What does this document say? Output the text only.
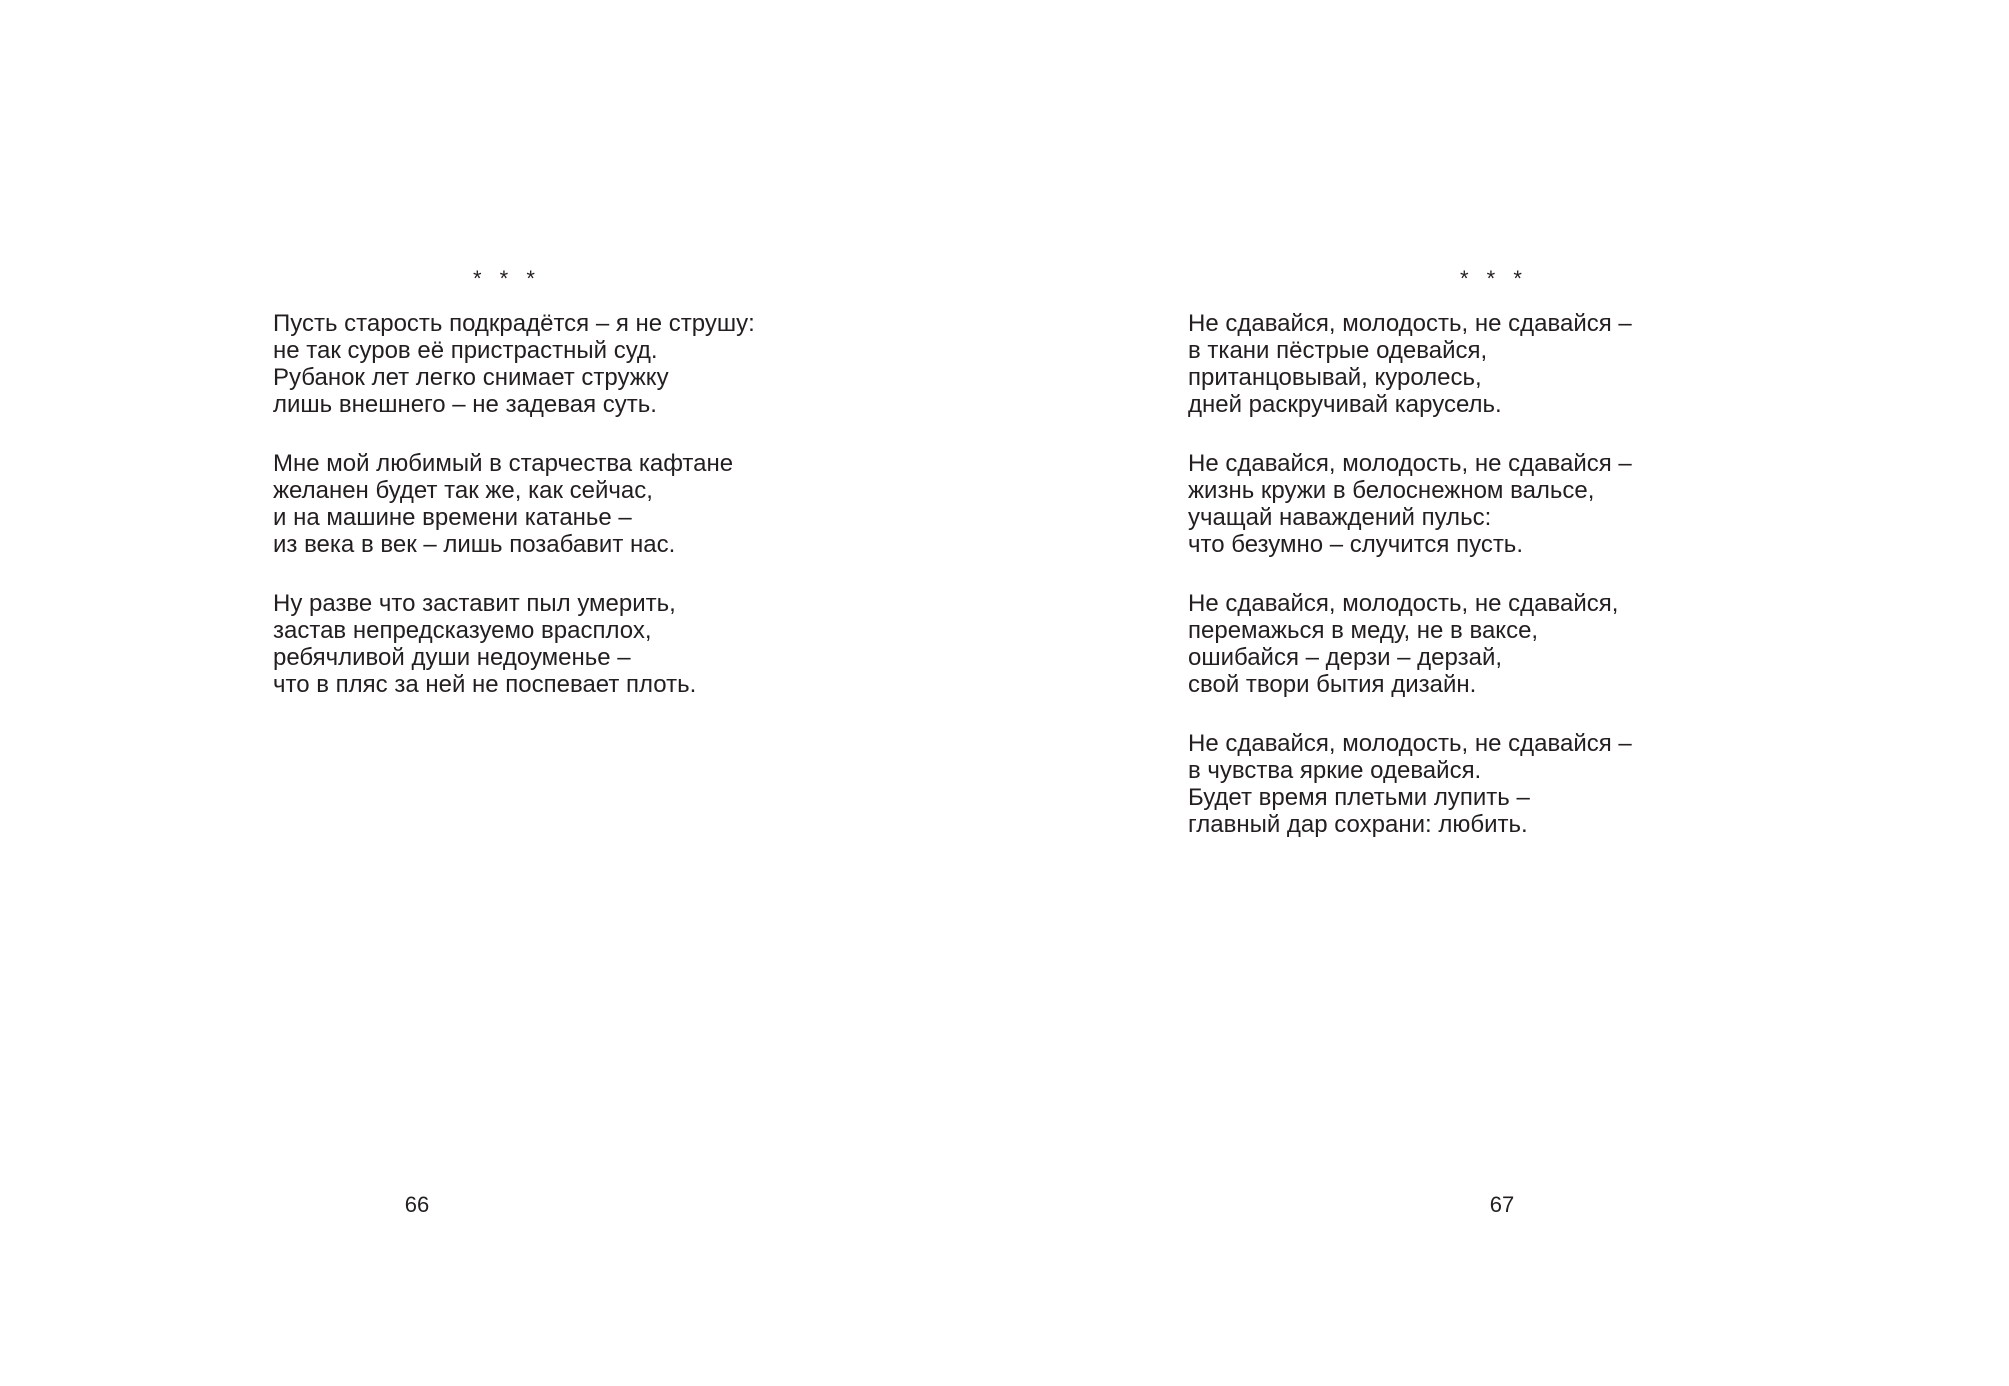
* * *
Пусть старость подкрадётся – я не струшу:
не так суров её пристрастный суд.
Рубанок лет легко снимает стружку
лишь внешнего – не задевая суть.
Мне мой любимый в старчества кафтане
желанен будет так же, как сейчас,
и на машине времени катанье –
из века в век – лишь позабавит нас.
Ну разве что заставит пыл умерить,
застав непредсказуемо врасплох,
ребячливой души недоуменье –
что в пляс за ней не поспевает плоть.
66
* * *
Не сдавайся, молодость, не сдавайся –
в ткани пёстрые одевайся,
пританцовывай, куролесь,
дней раскручивай карусель.
Не сдавайся, молодость, не сдавайся –
жизнь кружи в белоснежном вальсе,
учащай наваждений пульс:
что безумно – случится пусть.
Не сдавайся, молодость, не сдавайся,
перемажься в меду, не в ваксе,
ошибайся – дерзи – дерзай,
свой твори бытия дизайн.
Не сдавайся, молодость, не сдавайся –
в чувства яркие одевайся.
Будет время плетьми лупить –
главный дар сохрани: любить.
67
